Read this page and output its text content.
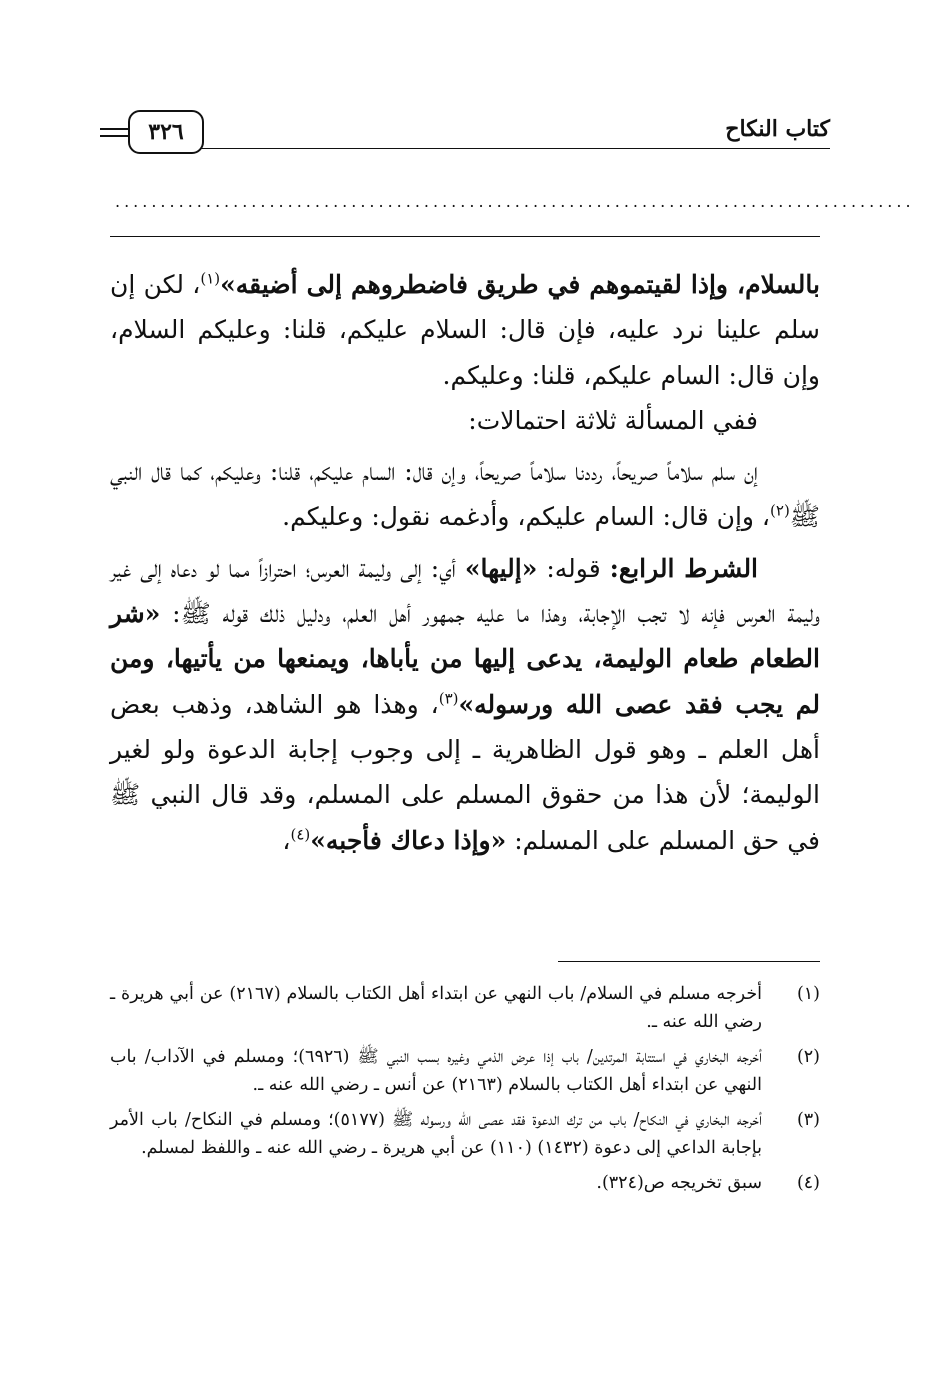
كتاب النكاح
٣٢٦
........................................................................................

بالسلام، وإذا لقيتموهم في طريق فاضطروهم إلى أضيقه»$^{(١)}$، لكن إن سلم علينا نرد عليه، فإن قال: السلام عليكم، قلنا: وعليكم السلام، وإن قال: السام عليكم، قلنا: وعليكم.

ففي المسألة ثلاثة احتمالات:

إن سلم سلاماً صريحاً، رددنا سلاماً صريحاً، وإن قال: السام عليكم، قلنا: وعليكم، كما قال النبي ﷺ$^{(٢)}$، وإن قال: السام عليكم، وأدغمه نقول: وعليكم.

الشرط الرابع: قوله: «إليها» أي: إلى وليمة العرس؛ احترازاً مما لو دعاه إلى غير وليمة العرس فإنه لا تجب الإجابة، وهذا ما عليه جمهور أهل العلم، ودليل ذلك قوله ﷺ: «شر الطعام طعام الوليمة، يدعى إليها من يأباها، ويمنعها من يأتيها، ومن لم يجب فقد عصى الله ورسوله»$^{(٣)}$، وهذا هو الشاهد، وذهب بعض أهل العلم ـ وهو قول الظاهرية ـ إلى وجوب إجابة الدعوة ولو لغير الوليمة؛ لأن هذا من حقوق المسلم على المسلم، وقد قال النبي ﷺ في حق المسلم على المسلم: «وإذا دعاك فأجبه»$^{(٤)}$،

(١)
أخرجه مسلم في السلام/ باب النهي عن ابتداء أهل الكتاب بالسلام (٢١٦٧) عن أبي هريرة ـ رضي الله عنه ـ.
(٢)
أخرجه البخاري في استتابة المرتدين/ باب إذا عرض الذمي وغيره بسب النبي ﷺ (٦٩٢٦)؛ ومسلم في الآداب/ باب النهي عن ابتداء أهل الكتاب بالسلام (٢١٦٣) عن أنس ـ رضي الله عنه ـ.
(٣)
أخرجه البخاري في النكاح/ باب من ترك الدعوة فقد عصى الله ورسوله ﷺ (٥١٧٧)؛ ومسلم في النكاح/ باب الأمر بإجابة الداعي إلى دعوة (١٤٣٢) (١١٠) عن أبي هريرة ـ رضي الله عنه ـ واللفظ لمسلم.
(٤)
سبق تخريجه ص(٣٢٤).
